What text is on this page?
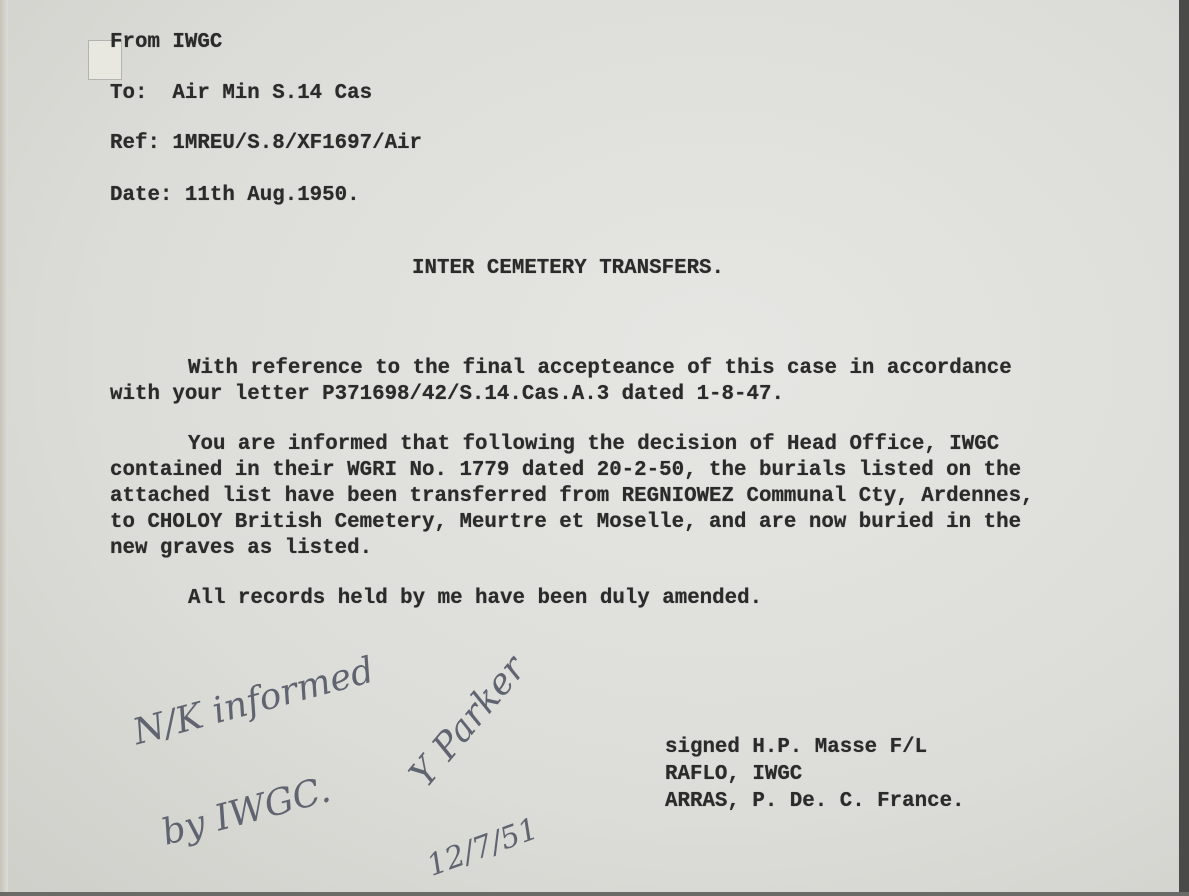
From IWGC
To:  Air Min S.14 Cas
Ref: 1MREU/S.8/XF1697/Air
Date: 11th Aug.1950.
INTER CEMETERY TRANSFERS.
With reference to the final accepteance of this case in accordance
with your letter P371698/42/S.14.Cas.A.3 dated 1-8-47.
You are informed that following the decision of Head Office, IWGC
contained in their WGRI No. 1779 dated 20-2-50, the burials listed on the
attached list have been transferred from REGNIOWEZ Communal Cty, Ardennes,
to CHOLOY British Cemetery, Meurtre et Moselle, and are now buried in the
new graves as listed.
All records held by me have been duly amended.
signed H.P. Masse F/L
RAFLO, IWGC
ARRAS, P. De. C. France.
N/K informed
by IWGC.
Y Parker
12/7/51
